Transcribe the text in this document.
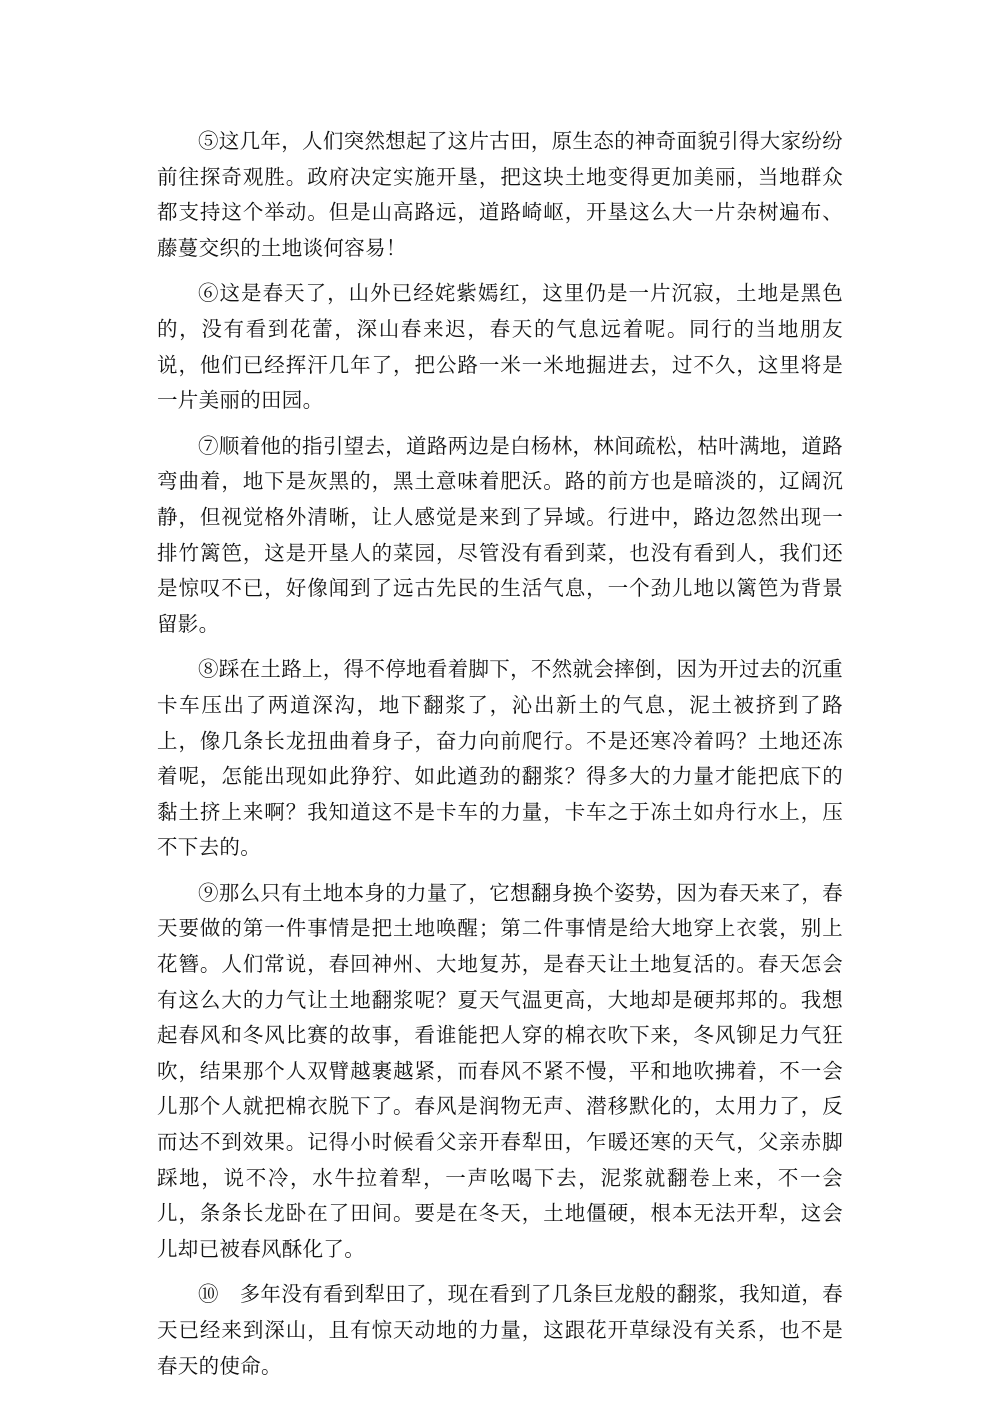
⑤这几年，人们突然想起了这片古田，原生态的神奇面貌引得大家纷纷前往探奇观胜。政府决定实施开垦，把这块土地变得更加美丽，当地群众都支持这个举动。但是山高路远，道路崎岖，开垦这么大一片杂树遍布、藤蔓交织的土地谈何容易！

⑥这是春天了，山外已经姹紫嫣红，这里仍是一片沉寂，土地是黑色的，没有看到花蕾，深山春来迟，春天的气息远着呢。同行的当地朋友说，他们已经挥汗几年了，把公路一米一米地掘进去，过不久，这里将是一片美丽的田园。

⑦顺着他的指引望去，道路两边是白杨林，林间疏松，枯叶满地，道路弯曲着，地下是灰黑的，黑土意味着肥沃。路的前方也是暗淡的，辽阔沉静，但视觉格外清晰，让人感觉是来到了异域。行进中，路边忽然出现一排竹篱笆，这是开垦人的菜园，尽管没有看到菜，也没有看到人，我们还是惊叹不已，好像闻到了远古先民的生活气息，一个劲儿地以篱笆为背景留影。

⑧踩在土路上，得不停地看着脚下，不然就会摔倒，因为开过去的沉重卡车压出了两道深沟，地下翻浆了，沁出新土的气息，泥土被挤到了路上，像几条长龙扭曲着身子，奋力向前爬行。不是还寒冷着吗？土地还冻着呢，怎能出现如此狰狞、如此遒劲的翻浆？得多大的力量才能把底下的黏土挤上来啊？我知道这不是卡车的力量，卡车之于冻土如舟行水上，压不下去的。

⑨那么只有土地本身的力量了，它想翻身换个姿势，因为春天来了，春天要做的第一件事情是把土地唤醒；第二件事情是给大地穿上衣裳，别上花簪。人们常说，春回神州、大地复苏，是春天让土地复活的。春天怎会有这么大的力气让土地翻浆呢？夏天气温更高，大地却是硬邦邦的。我想起春风和冬风比赛的故事，看谁能把人穿的棉衣吹下来，冬风铆足力气狂吹，结果那个人双臂越裹越紧，而春风不紧不慢，平和地吹拂着，不一会儿那个人就把棉衣脱下了。春风是润物无声、潜移默化的，太用力了，反而达不到效果。记得小时候看父亲开春犁田，乍暖还寒的天气，父亲赤脚踩地，说不冷，水牛拉着犁，一声吆喝下去，泥浆就翻卷上来，不一会儿，条条长龙卧在了田间。要是在冬天，土地僵硬，根本无法开犁，这会儿却已被春风酥化了。

⑩　多年没有看到犁田了，现在看到了几条巨龙般的翻浆，我知道，春天已经来到深山，且有惊天动地的力量，这跟花开草绿没有关系，也不是春天的使命。
